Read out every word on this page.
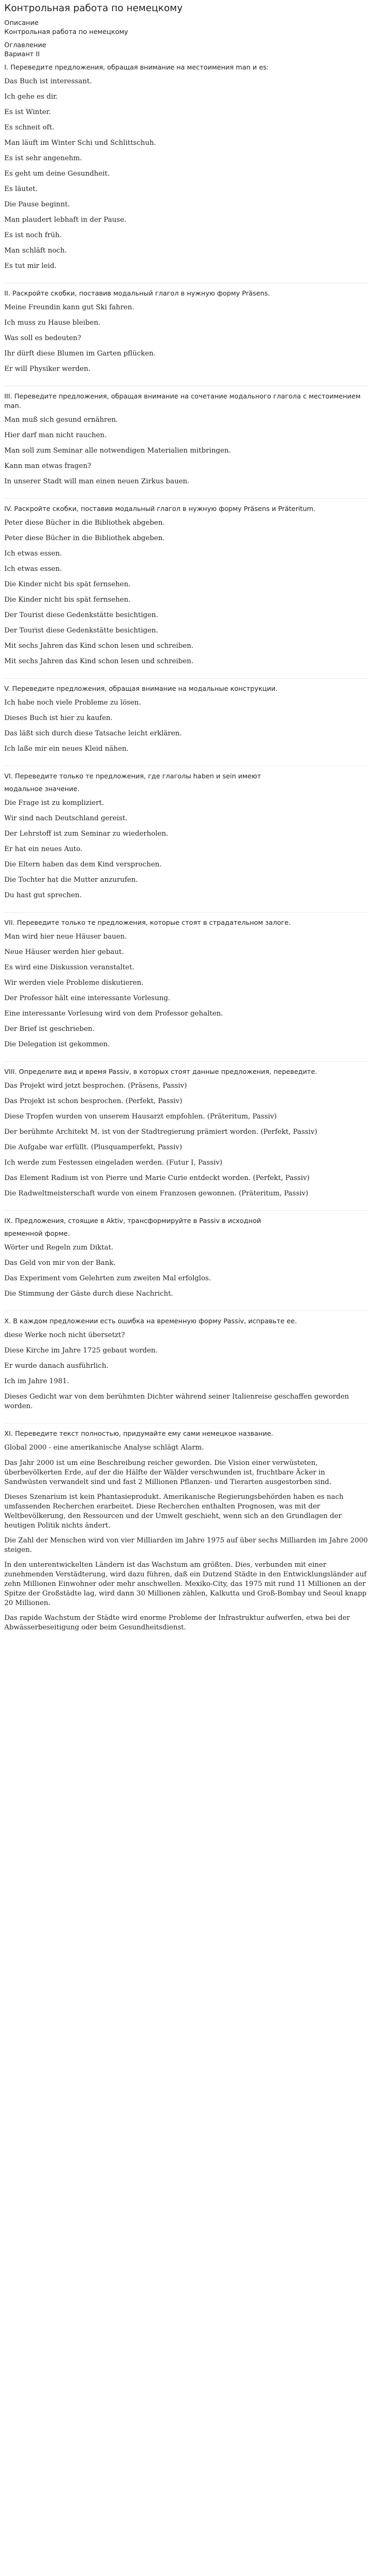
Контрольная работа по немецкому

Описание

Контрольная работа по немецкому

Оглавление

Вариант II

I. Переведите предложения, обращая внимание на местоимения man и es:

Das Buch ist interessant.
Ich gehe es dir.
Es ist Winter.
Es schneit oft.
Man läuft im Winter Schi und Schlittschuh.
Es ist sehr angenehm.
Es geht um deine Gesundheit.
Es läutet.
Die Pause beginnt.
Man plaudert lebhaft in der Pause.
Es ist noch früh.
Man schläft noch.
Es tut mir leid.

II. Раскройте скобки, поставив модальный глагол в нужную форму Präsens.

Meine Freundin kann gut Ski fahren.
Ich muss zu Hause bleiben.
Was soll es bedeuten?
Ihr dürft diese Blumen im Garten pflücken.
Er will Physiker werden.

III. Переведите предложения, обращая внимание на сочетание модального глагола с местоимением man.

Man muß sich gesund ernähren.
Hier darf man nicht rauchen.
Man soll zum Seminar alle notwendigen Materialien mitbringen.
Kann man etwas fragen?
In unserer Stadt will man einen neuen Zirkus bauen.

IV. Раскройте скобки, поставив модальный глагол в нужную форму Präsens и Präteritum.

Peter diese Bücher in die Bibliothek abgeben.
Peter diese Bücher in die Bibliothek abgeben.
Ich etwas essen.
Ich etwas essen.
Die Kinder nicht bis spät fernsehen.
Die Kinder nicht bis spät fernsehen.
Der Tourist diese Gedenkstätte besichtigen.
Der Tourist diese Gedenkstätte besichtigen.
Mit sechs Jahren das Kind schon lesen und schreiben.
Mit sechs Jahren das Kind schon lesen und schreiben.

V. Переведите предложения, обращая внимание на модальные конструкции.

Ich habe noch viele Probleme zu lösen.
Dieses Buch ist hier zu kaufen.
Das läßt sich durch diese Tatsache leicht erklären.
Ich laße mir ein neues Kleid nähen.

VI. Переведите только те предложения, где глаголы haben и sein имеют

модальное значение.

Die Frage ist zu kompliziert.
Wir sind nach Deutschland gereist.
Der Lehrstoff ist zum Seminar zu wiederholen.
Er hat ein neues Auto.
Die Eltern haben das dem Kind versprochen.
Die Tochter hat die Mutter anzurufen.
Du hast gut sprechen.

VII. Переведите только те предложения, которые стоят в страдательном залоге.

Man wird hier neue Häuser bauen.
Neue Häuser werden hier gebaut.
Es wird eine Diskussion veranstaltet.
Wir werden viele Probleme diskutieren.
Der Professor hält eine interessante Vorlesung.
Eine interessante Vorlesung wird von dem Professor gehalten.
Der Brief ist geschrieben.
Die Delegation ist gekommen.

VIII. Определите вид и время Passiv, в которых стоят данные предложения, переведите.

Das Projekt wird jetzt besprochen. (Präsens, Passiv)
Das Projekt ist schon besprochen. (Perfekt, Passiv)
Diese Tropfen wurden von unserem Hausarzt empfohlen. (Präteritum, Passiv)
Der berühmte Architekt M. ist von der Stadtregierung prämiert worden. (Perfekt, Passiv)
Die Aufgabe war erfüllt. (Plusquamperfekt, Passiv)
Ich werde zum Festessen eingeladen werden. (Futur I, Passiv)
Das Element Radium ist von Pierre und Marie Curie entdeckt worden. (Perfekt, Passiv)
Die Radweltmeisterschaft wurde von einem Franzosen gewonnen. (Präteritum, Passiv)

IX. Предложения, стоящие в Aktiv, трансформируйте в Passiv в исходной

временной форме.

Wörter und Regeln zum Diktat.
Das Geld von mir von der Bank.
Das Experiment vom Gelehrten zum zweiten Mal erfolglos.
Die Stimmung der Gäste durch diese Nachricht.

X. В каждом предложении есть ошибка на временную форму Passiv, исправьте ее.

diese Werke noch nicht übersetzt?
Diese Kirche im Jahre 1725 gebaut worden.
Er wurde danach ausführlich.
Ich im Jahre 1981.
Dieses Gedicht war von dem berühmten Dichter während seiner Italienreise geschaffen geworden worden.

XI. Переведите текст полностью, придумайте ему сами немецкое название.

Global 2000 - eine amerikanische Analyse schlägt Alarm.

Das Jahr 2000 ist um eine Beschreibung reicher geworden. Die Vision einer verwüsteten, überbevölkerten Erde, auf der die Hälfte der Wälder verschwunden ist, fruchtbare Äcker in Sandwüsten verwandelt sind und fast 2 Millionen Pflanzen- und Tierarten ausgestorben sind.

Dieses Szenarium ist kein Phantasieprodukt. Amerikanische Regierungsbehörden haben es nach umfassenden Recherchen erarbeitet. Diese Recherchen enthalten Prognosen, was mit der Weltbevölkerung, den Ressourcen und der Umwelt geschieht, wenn sich an den Grundlagen der heutigen Politik nichts ändert.

Die Zahl der Menschen wird von vier Milliarden im Jahre 1975 auf über sechs Milliarden im Jahre 2000 steigen.

In den unterentwickelten Ländern ist das Wachstum am größten. Dies, verbunden mit einer zunehmenden Verstädterung, wird dazu führen, daß ein Dutzend Städte in den Entwicklungsländer auf zehn Millionen Einwohner oder mehr anschwellen. Mexiko-City, das 1975 mit rund 11 Millionen an der Spitze der Großstädte lag, wird dann 30 Millionen zählen, Kalkutta und Groß-Bombay und Seoul knapp 20 Millionen.

Das rapide Wachstum der Städte wird enorme Probleme der Infrastruktur aufwerfen, etwa bei der Abwässerbeseitigung oder beim Gesundheitsdienst.
